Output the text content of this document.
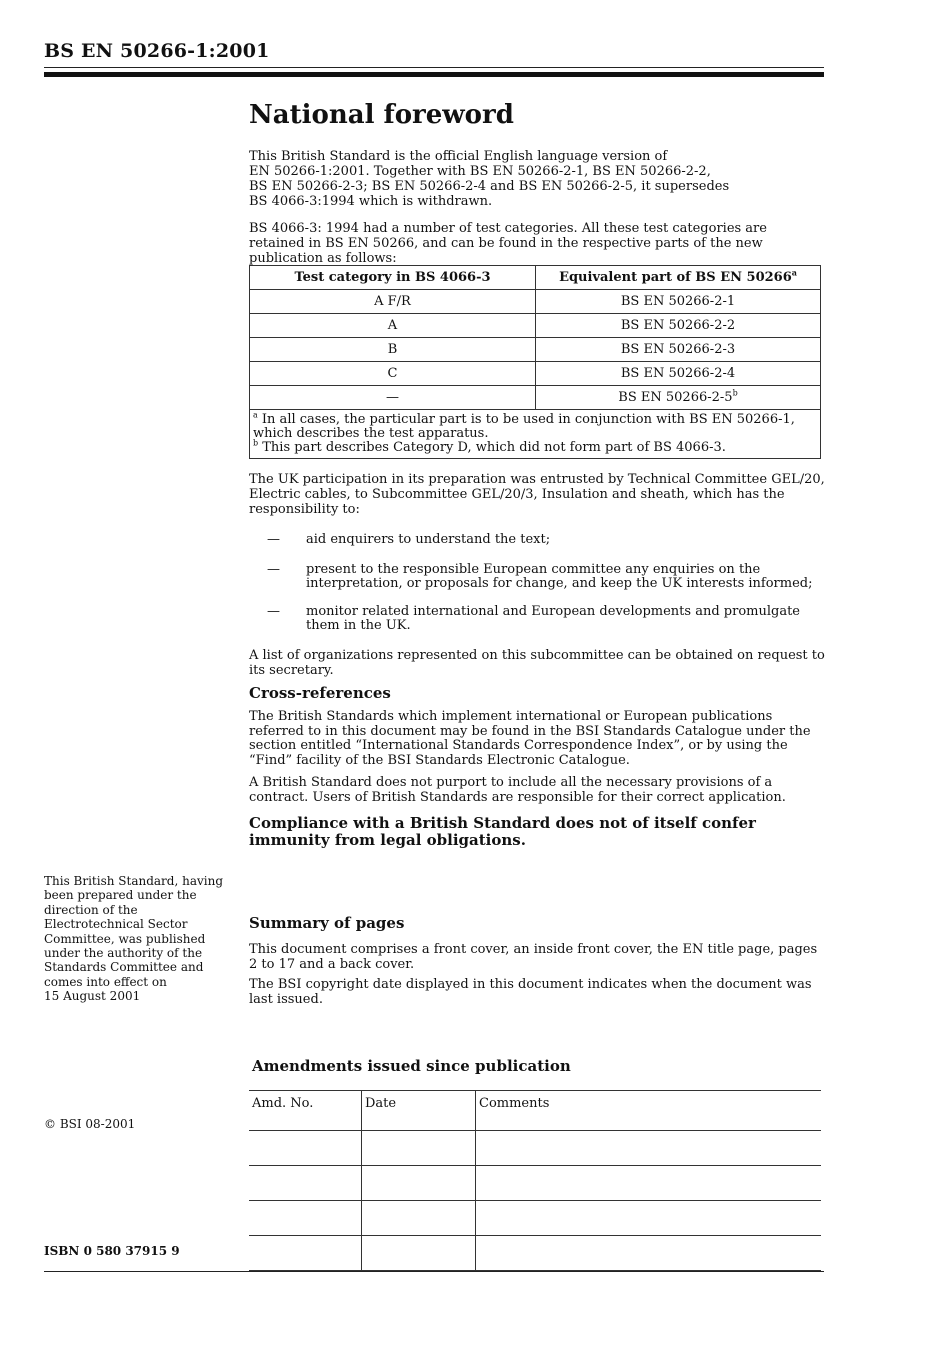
BS EN 50266-1:2001
National foreword
This British Standard is the official English language version of
EN 50266-1:2001. Together with BS EN 50266-2-1, BS EN 50266-2-2,
BS EN 50266-2-3; BS EN 50266-2-4 and BS EN 50266-2-5, it supersedes
BS 4066-3:1994 which is withdrawn.

BS 4066-3: 1994 had a number of test categories. All these test categories are retained in BS EN 50266, and can be found in the respective parts of the new publication as follows:

Test category in BS 4066-3	Equivalent part of BS EN 50266$^a$
A F/R	BS EN 50266-2-1
A	BS EN 50266-2-2
B	BS EN 50266-2-3
C	BS EN 50266-2-4
—	BS EN 50266-2-5$^b$

$^a$ In all cases, the particular part is to be used in conjunction with BS EN 50266-1, which describes the test apparatus.
$^b$ This part describes Category D, which did not form part of BS 4066-3.	

The UK participation in its preparation was entrusted by Technical Committee GEL/20, Electric cables, to Subcommittee GEL/20/3, Insulation and sheath, which has the responsibility to:

— aid enquirers to understand the text;
— present to the responsible European committee any enquiries on the interpretation, or proposals for change, and keep the UK interests informed;
— monitor related international and European developments and promulgate them in the UK.

A list of organizations represented on this subcommittee can be obtained on request to its secretary.

Cross-references

The British Standards which implement international or European publications referred to in this document may be found in the BSI Standards Catalogue under the section entitled “International Standards Correspondence Index”, or by using the “Find” facility of the BSI Standards Electronic Catalogue.

A British Standard does not purport to include all the necessary provisions of a contract. Users of British Standards are responsible for their correct application.

Compliance with a British Standard does not of itself confer immunity from legal obligations.
This British Standard, having
been prepared under the
direction of the
Electrotechnical Sector
Committee, was published
under the authority of the
Standards Committee and
comes into effect on
15 August 2001
Summary of pages

This document comprises a front cover, an inside front cover, the EN title page, pages 2 to 17 and a back cover.

The BSI copyright date displayed in this document indicates when the document was last issued.

Amendments issued since publication
Amd. No.	Date	Comments

© BSI 08-2001
ISBN 0 580 37915 9
